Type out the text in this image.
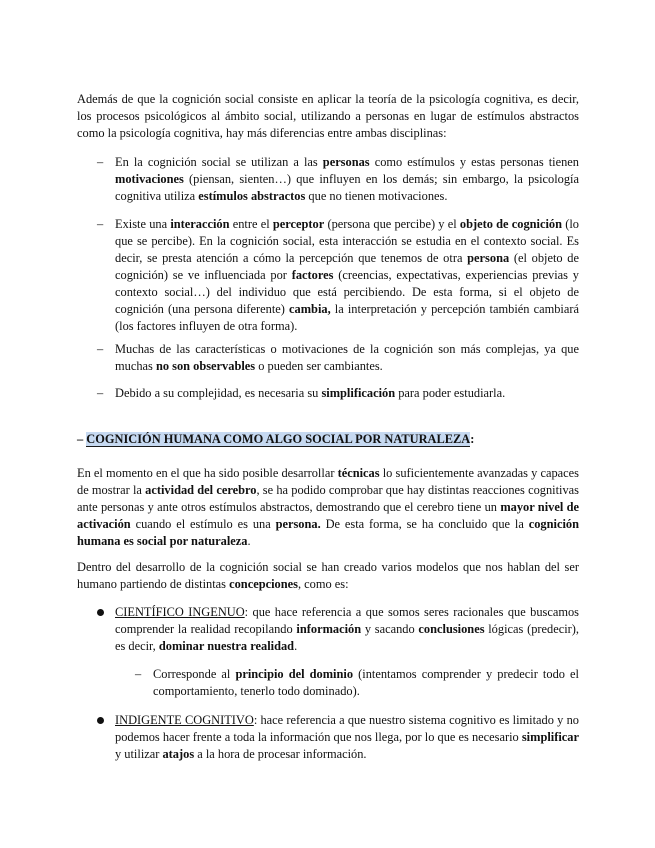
Además de que la cognición social consiste en aplicar la teoría de la psicología cognitiva, es decir, los procesos psicológicos al ámbito social, utilizando a personas en lugar de estímulos abstractos como la psicología cognitiva, hay más diferencias entre ambas disciplinas:

– En la cognición social se utilizan a las personas como estímulos y estas personas tienen motivaciones (piensan, sienten…) que influyen en los demás; sin embargo, la psicología cognitiva utiliza estímulos abstractos que no tienen motivaciones.
– Existe una interacción entre el perceptor (persona que percibe) y el objeto de cognición (lo que se percibe). En la cognición social, esta interacción se estudia en el contexto social. Es decir, se presta atención a cómo la percepción que tenemos de otra persona (el objeto de cognición) se ve influenciada por factores (creencias, expectativas, experiencias previas y contexto social…) del individuo que está percibiendo. De esta forma, si el objeto de cognición (una persona diferente) cambia, la interpretación y percepción también cambiará (los factores influyen de otra forma).
– Muchas de las características o motivaciones de la cognición son más complejas, ya que muchas no son observables o pueden ser cambiantes.
– Debido a su complejidad, es necesaria su simplificación para poder estudiarla.
– COGNICIÓN HUMANA COMO ALGO SOCIAL POR NATURALEZA:

En el momento en el que ha sido posible desarrollar técnicas lo suficientemente avanzadas y capaces de mostrar la actividad del cerebro, se ha podido comprobar que hay distintas reacciones cognitivas ante personas y ante otros estímulos abstractos, demostrando que el cerebro tiene un mayor nivel de activación cuando el estímulo es una persona. De esta forma, se ha concluido que la cognición humana es social por naturaleza.

Dentro del desarrollo de la cognición social se han creado varios modelos que nos hablan del ser humano partiendo de distintas concepciones, como es:

CIENTÍFICO INGENUO: que hace referencia a que somos seres racionales que buscamos comprender la realidad recopilando información y sacando conclusiones lógicas (predecir), es decir, dominar nuestra realidad.
– Corresponde al principio del dominio (intentamos comprender y predecir todo el comportamiento, tenerlo todo dominado).
INDIGENTE COGNITIVO: hace referencia a que nuestro sistema cognitivo es limitado y no podemos hacer frente a toda la información que nos llega, por lo que es necesario simplificar y utilizar atajos a la hora de procesar información.
